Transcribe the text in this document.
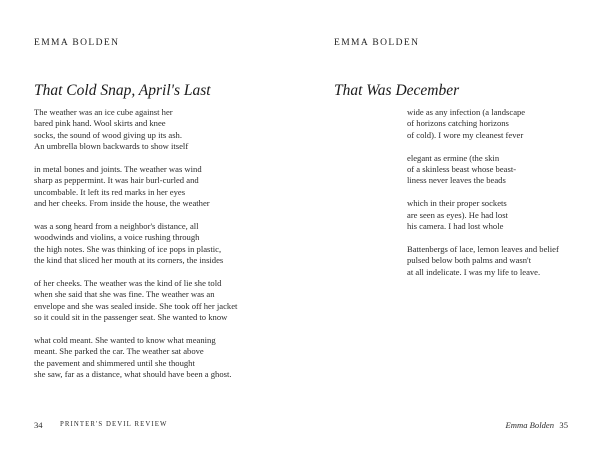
EMMA BOLDEN
That Cold Snap, April's Last
The weather was an ice cube against her
bared pink hand. Wool skirts and knee
socks, the sound of wood giving up its ash.
An umbrella blown backwards to show itself
in metal bones and joints. The weather was wind
sharp as peppermint. It was hair burl-curled and
uncombable. It left its red marks in her eyes
and her cheeks. From inside the house, the weather
was a song heard from a neighbor's distance, all
woodwinds and violins, a voice rushing through
the high notes. She was thinking of ice pops in plastic,
the kind that sliced her mouth at its corners, the insides
of her cheeks. The weather was the kind of lie she told
when she said that she was fine. The weather was an
envelope and she was sealed inside. She took off her jacket
so it could sit in the passenger seat. She wanted to know
what cold meant. She wanted to know what meaning
meant. She parked the car. The weather sat above
the pavement and shimmered until she thought
she saw, far as a distance, what should have been a ghost.
34	PRINTER'S DEVIL REVIEW
EMMA BOLDEN
That Was December
wide as any infection (a landscape
of horizons catching horizons
of cold). I wore my cleanest fever
elegant as ermine (the skin
of a skinless beast whose beast-
liness never leaves the beads
which in their proper sockets
are seen as eyes). He had lost
his camera. I had lost whole
Battenbergs of lace, lemon leaves and belief
pulsed below both palms and wasn't
at all indelicate. I was my life to leave.
Emma Bolden 35
